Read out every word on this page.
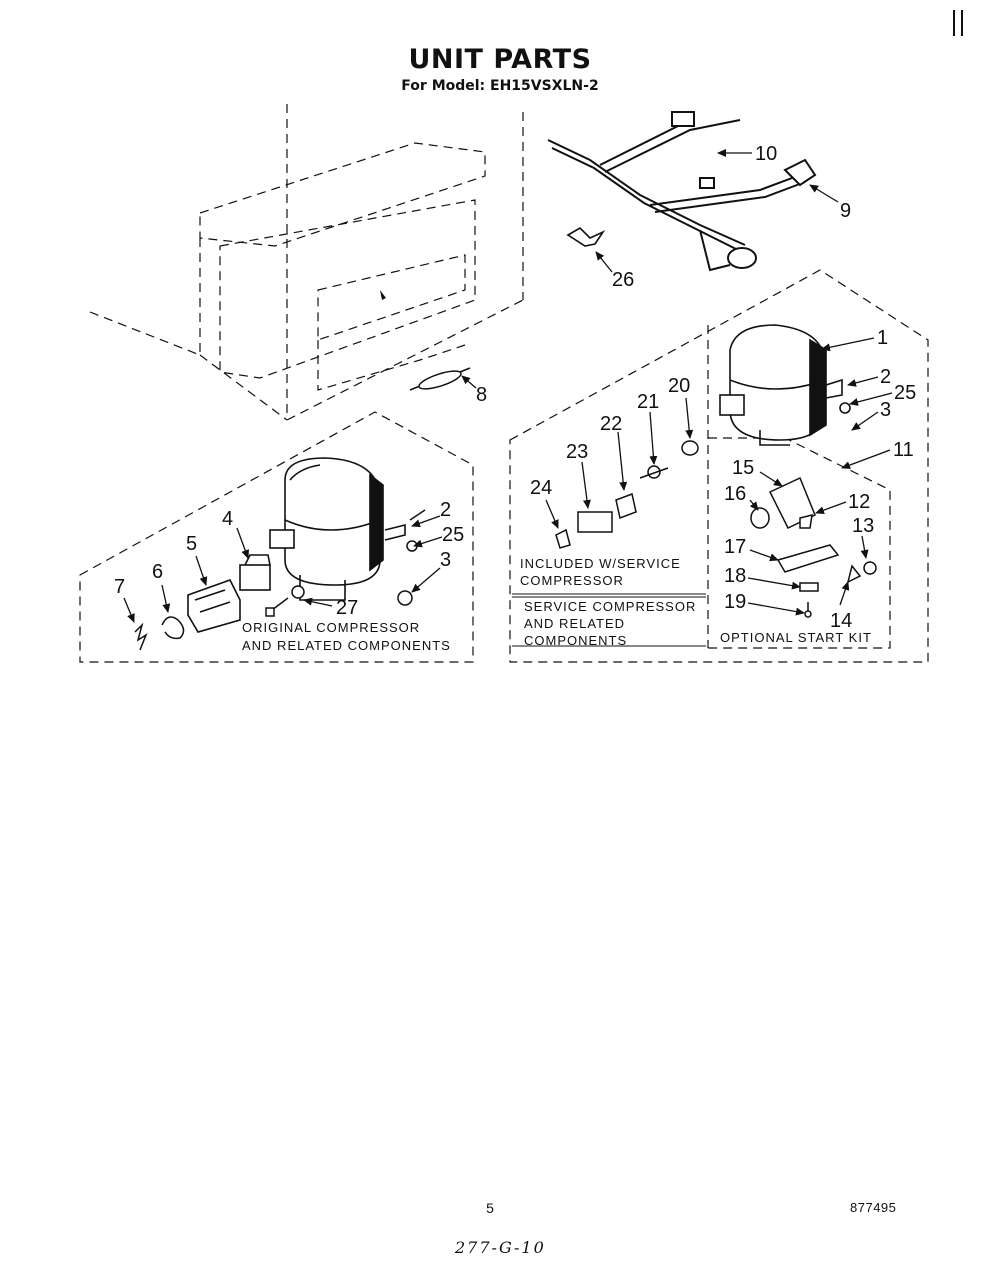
UNIT PARTS
For Model: EH15VSXLN-2
1
2
25
3
11
15
16	12
13
17
18
14
19
20
21
22
23
24
10
9
26
8
4	2
5	25
6
3
7
27
ORIGINAL COMPRESSOR
AND RELATED COMPONENTS
INCLUDED W/SERVICE
COMPRESSOR
SERVICE COMPRESSOR
AND RELATED
COMPONENTS	OPTIONAL START KIT
5	877495
277-G-10
